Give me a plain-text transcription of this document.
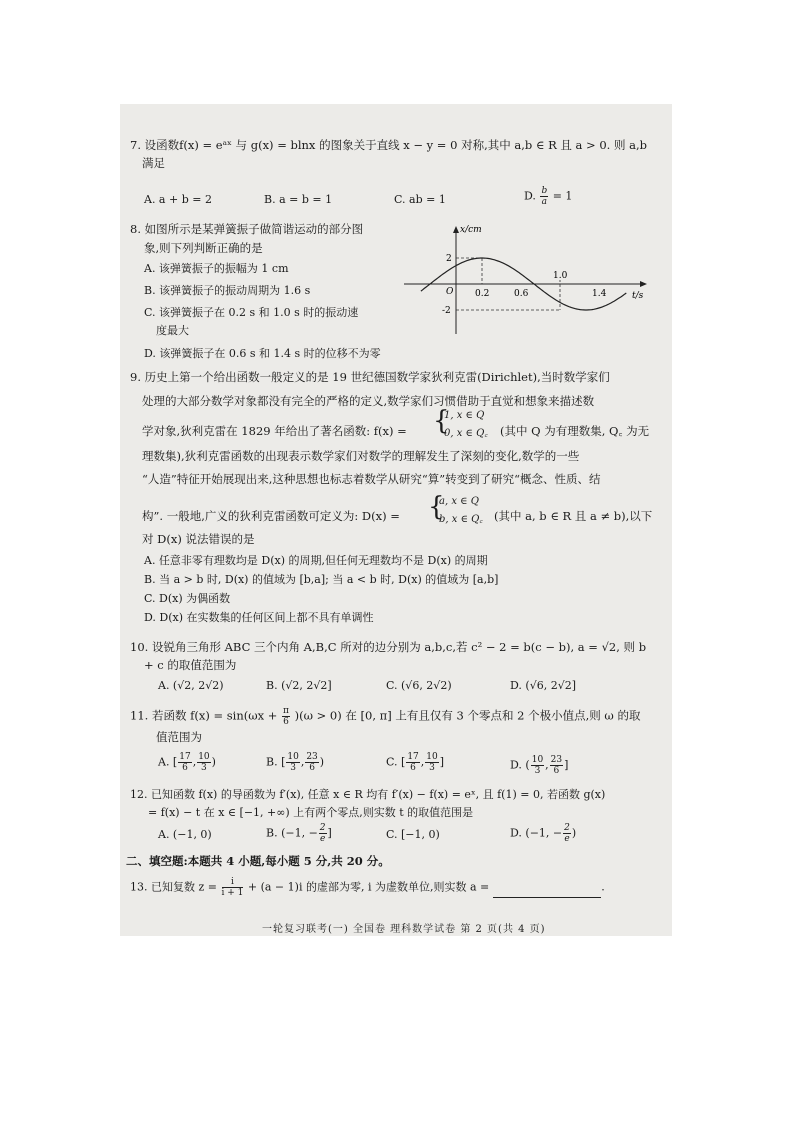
7. 设函数f(x) = eᵃˣ 与 g(x) = blnx 的图象关于直线 x − y = 0 对称,其中 a,b ∈ R 且 a > 0. 则 a,b
满足
A. a + b = 2	B. a = b = 1	C. ab = 1	D. $\frac{b}{a} = 1$
8. 如图所示是某弹簧振子做简谐运动的部分图
象,则下列判断正确的是
A. 该弹簧振子的振幅为 1 cm
B. 该弹簧振子的振动周期为 1.6 s
C. 该弹簧振子在 0.2 s 和 1.0 s 时的振动速
度最大
D. 该弹簧振子在 0.6 s 和 1.4 s 时的位移不为零
x/cm
t/s
O
2
-2
0.2	0.6
1.0
1.4
9. 历史上第一个给出函数一般定义的是 19 世纪德国数学家狄利克雷(Dirichlet),当时数学家们
处理的大部分数学对象都没有完全的严格的定义,数学家们习惯借助于直觉和想象来描述数
学对象,狄利克雷在 1829 年给出了著名函数: f(x) = {
1, x ∈ Q
0, x ∈ Q꜀ (其中 Q 为有理数集, Q꜀ 为无
理数集),狄利克雷函数的出现表示数学家们对数学的理解发生了深刻的变化,数学的一些
“人造”特征开始展现出来,这种思想也标志着数学从研究“算”转变到了研究“概念、性质、结
构”. 一般地,广义的狄利克雷函数可定义为: D(x) = {
a, x ∈ Q
b, x ∈ Q꜀ (其中 a, b ∈ R 且 a ≠ b),以下
对 D(x) 说法错误的是
A. 任意非零有理数均是 D(x) 的周期,但任何无理数均不是 D(x) 的周期
B. 当 a > b 时, D(x) 的值域为 [b,a]; 当 a < b 时, D(x) 的值域为 [a,b]
C. D(x) 为偶函数
D. D(x) 在实数集的任何区间上都不具有单调性
10. 设锐角三角形 ABC 三个内角 A,B,C 所对的边分别为 a,b,c,若 c² − 2 = b(c − b), a = √2, 则 b
+ c 的取值范围为
A. (√2, 2√2)	B. (√2, 2√2]	C. (√6, 2√2)	D. (√6, 2√2]
11. 若函数 $f(x) = \sin(\omega x + \frac{\pi}{6} )(\omega > 0)$ 在 [0, π] 上有且仅有 3 个零点和 2 个极小值点,则 ω 的取
值范围为
A. [ $\frac{17}{6}$ , $\frac{10}{3}$ )	B. [ $\frac{10}{3}$ , $\frac{23}{6}$ )	C. [ $\frac{17}{6}$ , $\frac{10}{3}$ ]	D. ( $\frac{10}{3}$ , $\frac{23}{6}$ ]
12. 已知函数 f(x) 的导函数为 f′(x), 任意 x ∈ R 均有 f′(x) − f(x) = eˣ, 且 f(1) = 0, 若函数 g(x)
= f(x) − t 在 x ∈ [−1, +∞) 上有两个零点,则实数 t 的取值范围是
A. (−1, 0)	B. (−1, − $\frac{2}{e}$ ]	C. [−1, 0)	D. (−1, − $\frac{2}{e}$ )
二、填空题:本题共 4 小题,每小题 5 分,共 20 分。
13. 已知复数 $z = \frac{i}{i + 1} + (a - 1)i$ 的虚部为零, i 为虚数单位,则实数 a =	.
一轮复习联考(一) 全国卷 理科数学试卷 第 2 页(共 4 页)
